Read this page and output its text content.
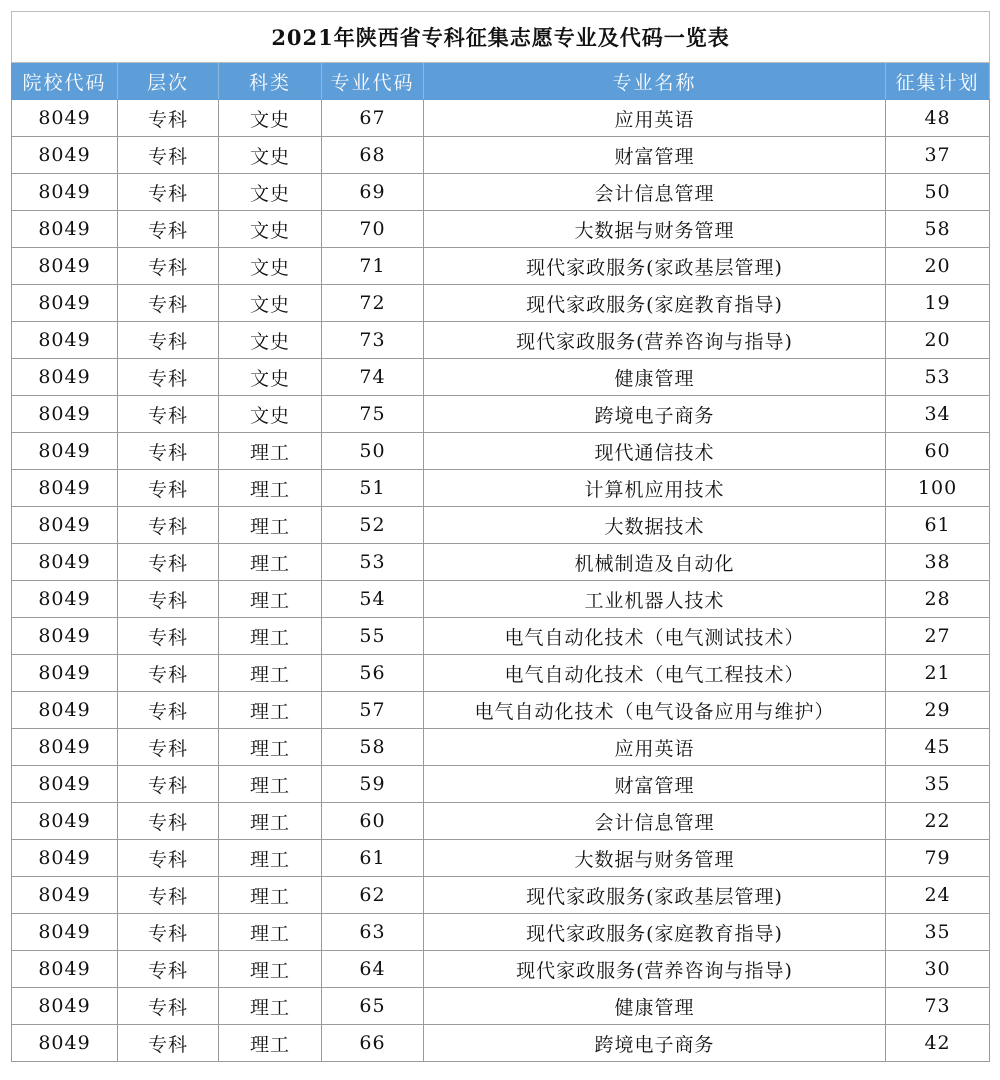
2021年陕西省专科征集志愿专业及代码一览表					
院校代码	层次	科类	专业代码	专业名称	征集计划
8049	专科	文史	67	应用英语	48
8049	专科	文史	68	财富管理	37
8049	专科	文史	69	会计信息管理	50
8049	专科	文史	70	大数据与财务管理	58
8049	专科	文史	71	现代家政服务(家政基层管理)	20
8049	专科	文史	72	现代家政服务(家庭教育指导)	19
8049	专科	文史	73	现代家政服务(营养咨询与指导)	20
8049	专科	文史	74	健康管理	53
8049	专科	文史	75	跨境电子商务	34
8049	专科	理工	50	现代通信技术	60
8049	专科	理工	51	计算机应用技术	100
8049	专科	理工	52	大数据技术	61
8049	专科	理工	53	机械制造及自动化	38
8049	专科	理工	54	工业机器人技术	28
8049	专科	理工	55	电气自动化技术（电气测试技术）	27
8049	专科	理工	56	电气自动化技术（电气工程技术）	21
8049	专科	理工	57	电气自动化技术（电气设备应用与维护）	29
8049	专科	理工	58	应用英语	45
8049	专科	理工	59	财富管理	35
8049	专科	理工	60	会计信息管理	22
8049	专科	理工	61	大数据与财务管理	79
8049	专科	理工	62	现代家政服务(家政基层管理)	24
8049	专科	理工	63	现代家政服务(家庭教育指导)	35
8049	专科	理工	64	现代家政服务(营养咨询与指导)	30
8049	专科	理工	65	健康管理	73
8049	专科	理工	66	跨境电子商务	42
